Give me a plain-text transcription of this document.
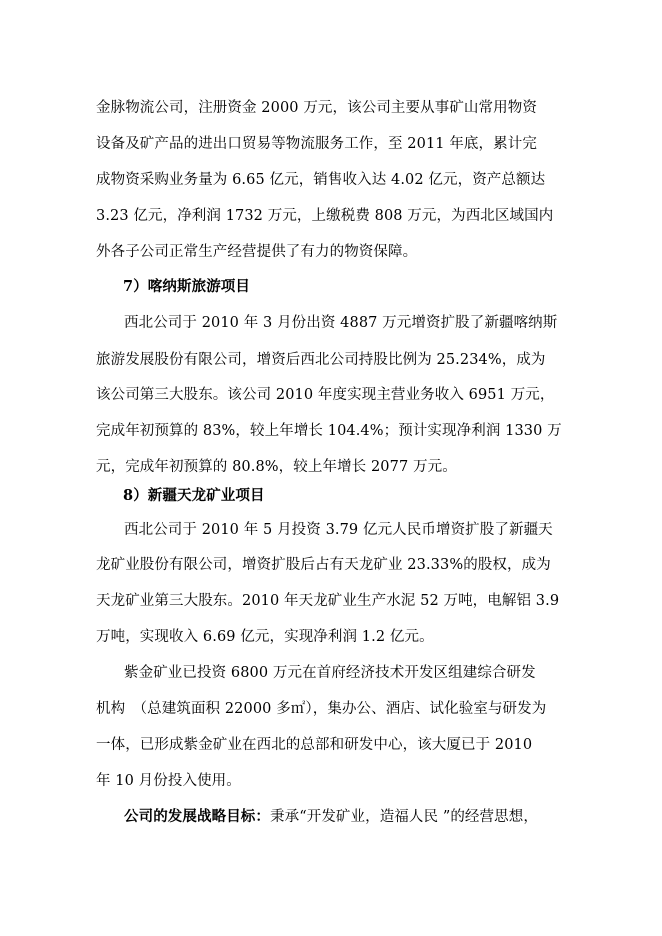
金脉物流公司，注册资金 2000 万元，该公司主要从事矿山常用物资
设备及矿产品的进出口贸易等物流服务工作，至 2011 年底，累计完
成物资采购业务量为 6.65 亿元，销售收入达 4.02 亿元，资产总额达
3.23 亿元，净利润 1732 万元，上缴税费 808 万元，为西北区域国内
外各子公司正常生产经营提供了有力的物资保障。
7）喀纳斯旅游项目
西北公司于 2010 年 3 月份出资 4887 万元增资扩股了新疆喀纳斯
旅游发展股份有限公司，增资后西北公司持股比例为 25.234%，成为
该公司第三大股东。该公司 2010 年度实现主营业务收入 6951 万元，
完成年初预算的 83%，较上年增长 104.4%；预计实现净利润 1330 万
元，完成年初预算的 80.8%，较上年增长 2077 万元。
8）新疆天龙矿业项目
西北公司于 2010 年 5 月投资 3.79 亿元人民币增资扩股了新疆天
龙矿业股份有限公司，增资扩股后占有天龙矿业 23.33%的股权，成为
天龙矿业第三大股东。2010 年天龙矿业生产水泥 52 万吨，电解铝 3.9
万吨，实现收入 6.69 亿元，实现净利润 1.2 亿元。
紫金矿业已投资 6800 万元在首府经济技术开发区组建综合研发
机构　（总建筑面积 22000 多㎡），集办公、酒店、试化验室与研发为
一体，已形成紫金矿业在西北的总部和研发中心，该大厦已于 2010
年 10 月份投入使用。
公司的发展战略目标：秉承“开发矿业，造福人民 ”的经营思想，
